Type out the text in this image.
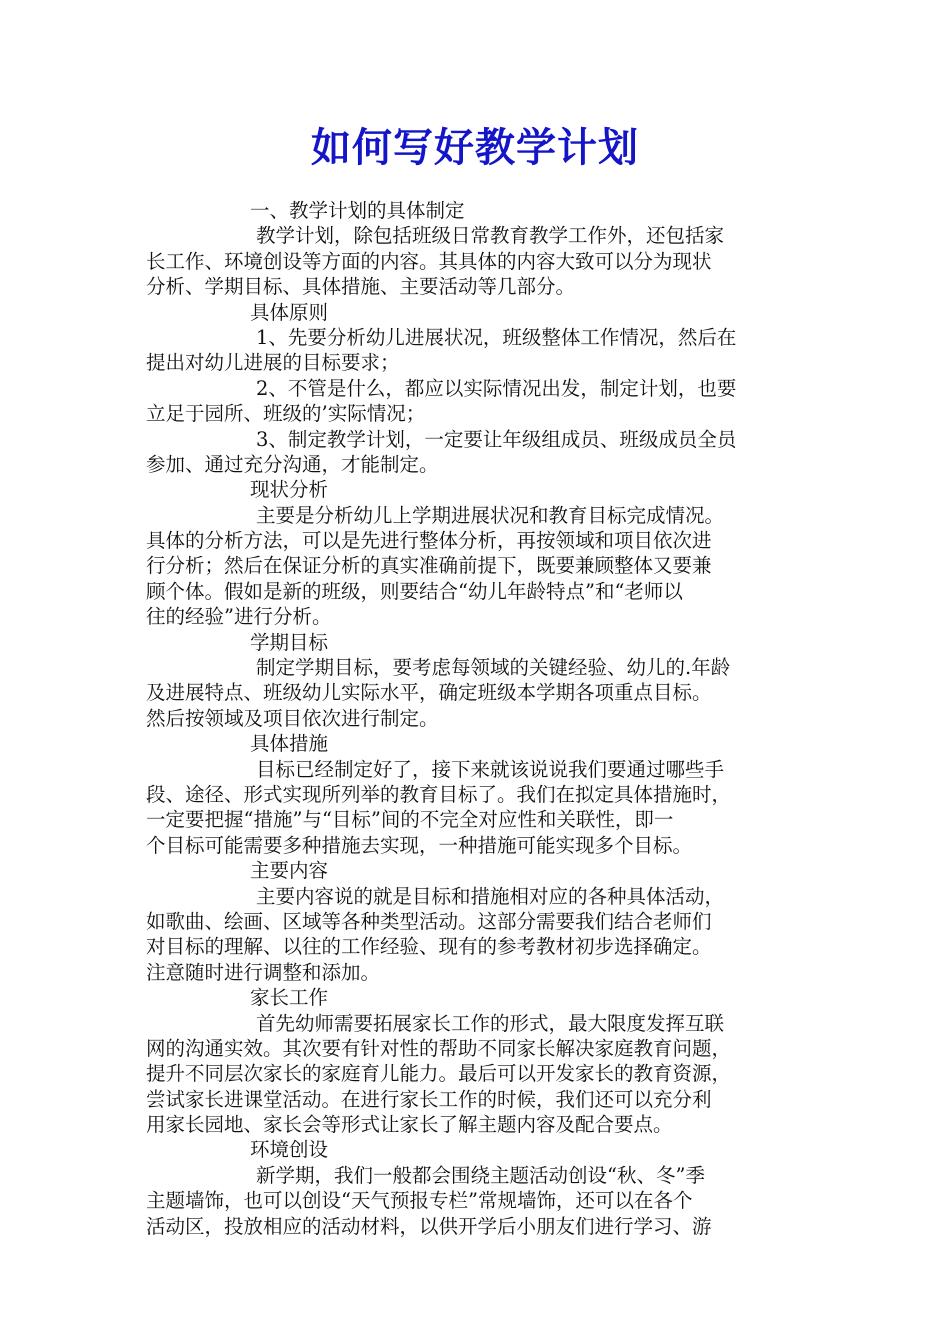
如何写好教学计划
一、教学计划的具体制定
教学计划，除包括班级日常教育教学工作外，还包括家
长工作、环境创设等方面的内容。其具体的内容大致可以分为现状
分析、学期目标、具体措施、主要活动等几部分。
具体原则
1、先要分析幼儿进展状况，班级整体工作情况，然后在
提出对幼儿进展的目标要求；
2、不管是什么，都应以实际情况出发，制定计划，也要
立足于园所、班级的’实际情况；
3、制定教学计划，一定要让年级组成员、班级成员全员
参加、通过充分沟通，才能制定。
现状分析
主要是分析幼儿上学期进展状况和教育目标完成情况。
具体的分析方法，可以是先进行整体分析，再按领域和项目依次进
行分析；然后在保证分析的真实准确前提下，既要兼顾整体又要兼
顾个体。假如是新的班级，则要结合“幼儿年龄特点”和“老师以
往的经验”进行分析。
学期目标
制定学期目标，要考虑每领域的关键经验、幼儿的.年龄
及进展特点、班级幼儿实际水平，确定班级本学期各项重点目标。
然后按领域及项目依次进行制定。
具体措施
目标已经制定好了，接下来就该说说我们要通过哪些手
段、途径、形式实现所列举的教育目标了。我们在拟定具体措施时，
一定要把握“措施”与“目标”间的不完全对应性和关联性，即一
个目标可能需要多种措施去实现，一种措施可能实现多个目标。
主要内容
主要内容说的就是目标和措施相对应的各种具体活动，
如歌曲、绘画、区域等各种类型活动。这部分需要我们结合老师们
对目标的理解、以往的工作经验、现有的参考教材初步选择确定。
注意随时进行调整和添加。
家长工作
首先幼师需要拓展家长工作的形式，最大限度发挥互联
网的沟通实效。其次要有针对性的帮助不同家长解决家庭教育问题，
提升不同层次家长的家庭育儿能力。最后可以开发家长的教育资源，
尝试家长进课堂活动。在进行家长工作的时候，我们还可以充分利
用家长园地、家长会等形式让家长了解主题内容及配合要点。
环境创设
新学期，我们一般都会围绕主题活动创设“秋、冬”季
主题墙饰，也可以创设“天气预报专栏”常规墙饰，还可以在各个
活动区，投放相应的活动材料，以供开学后小朋友们进行学习、游
